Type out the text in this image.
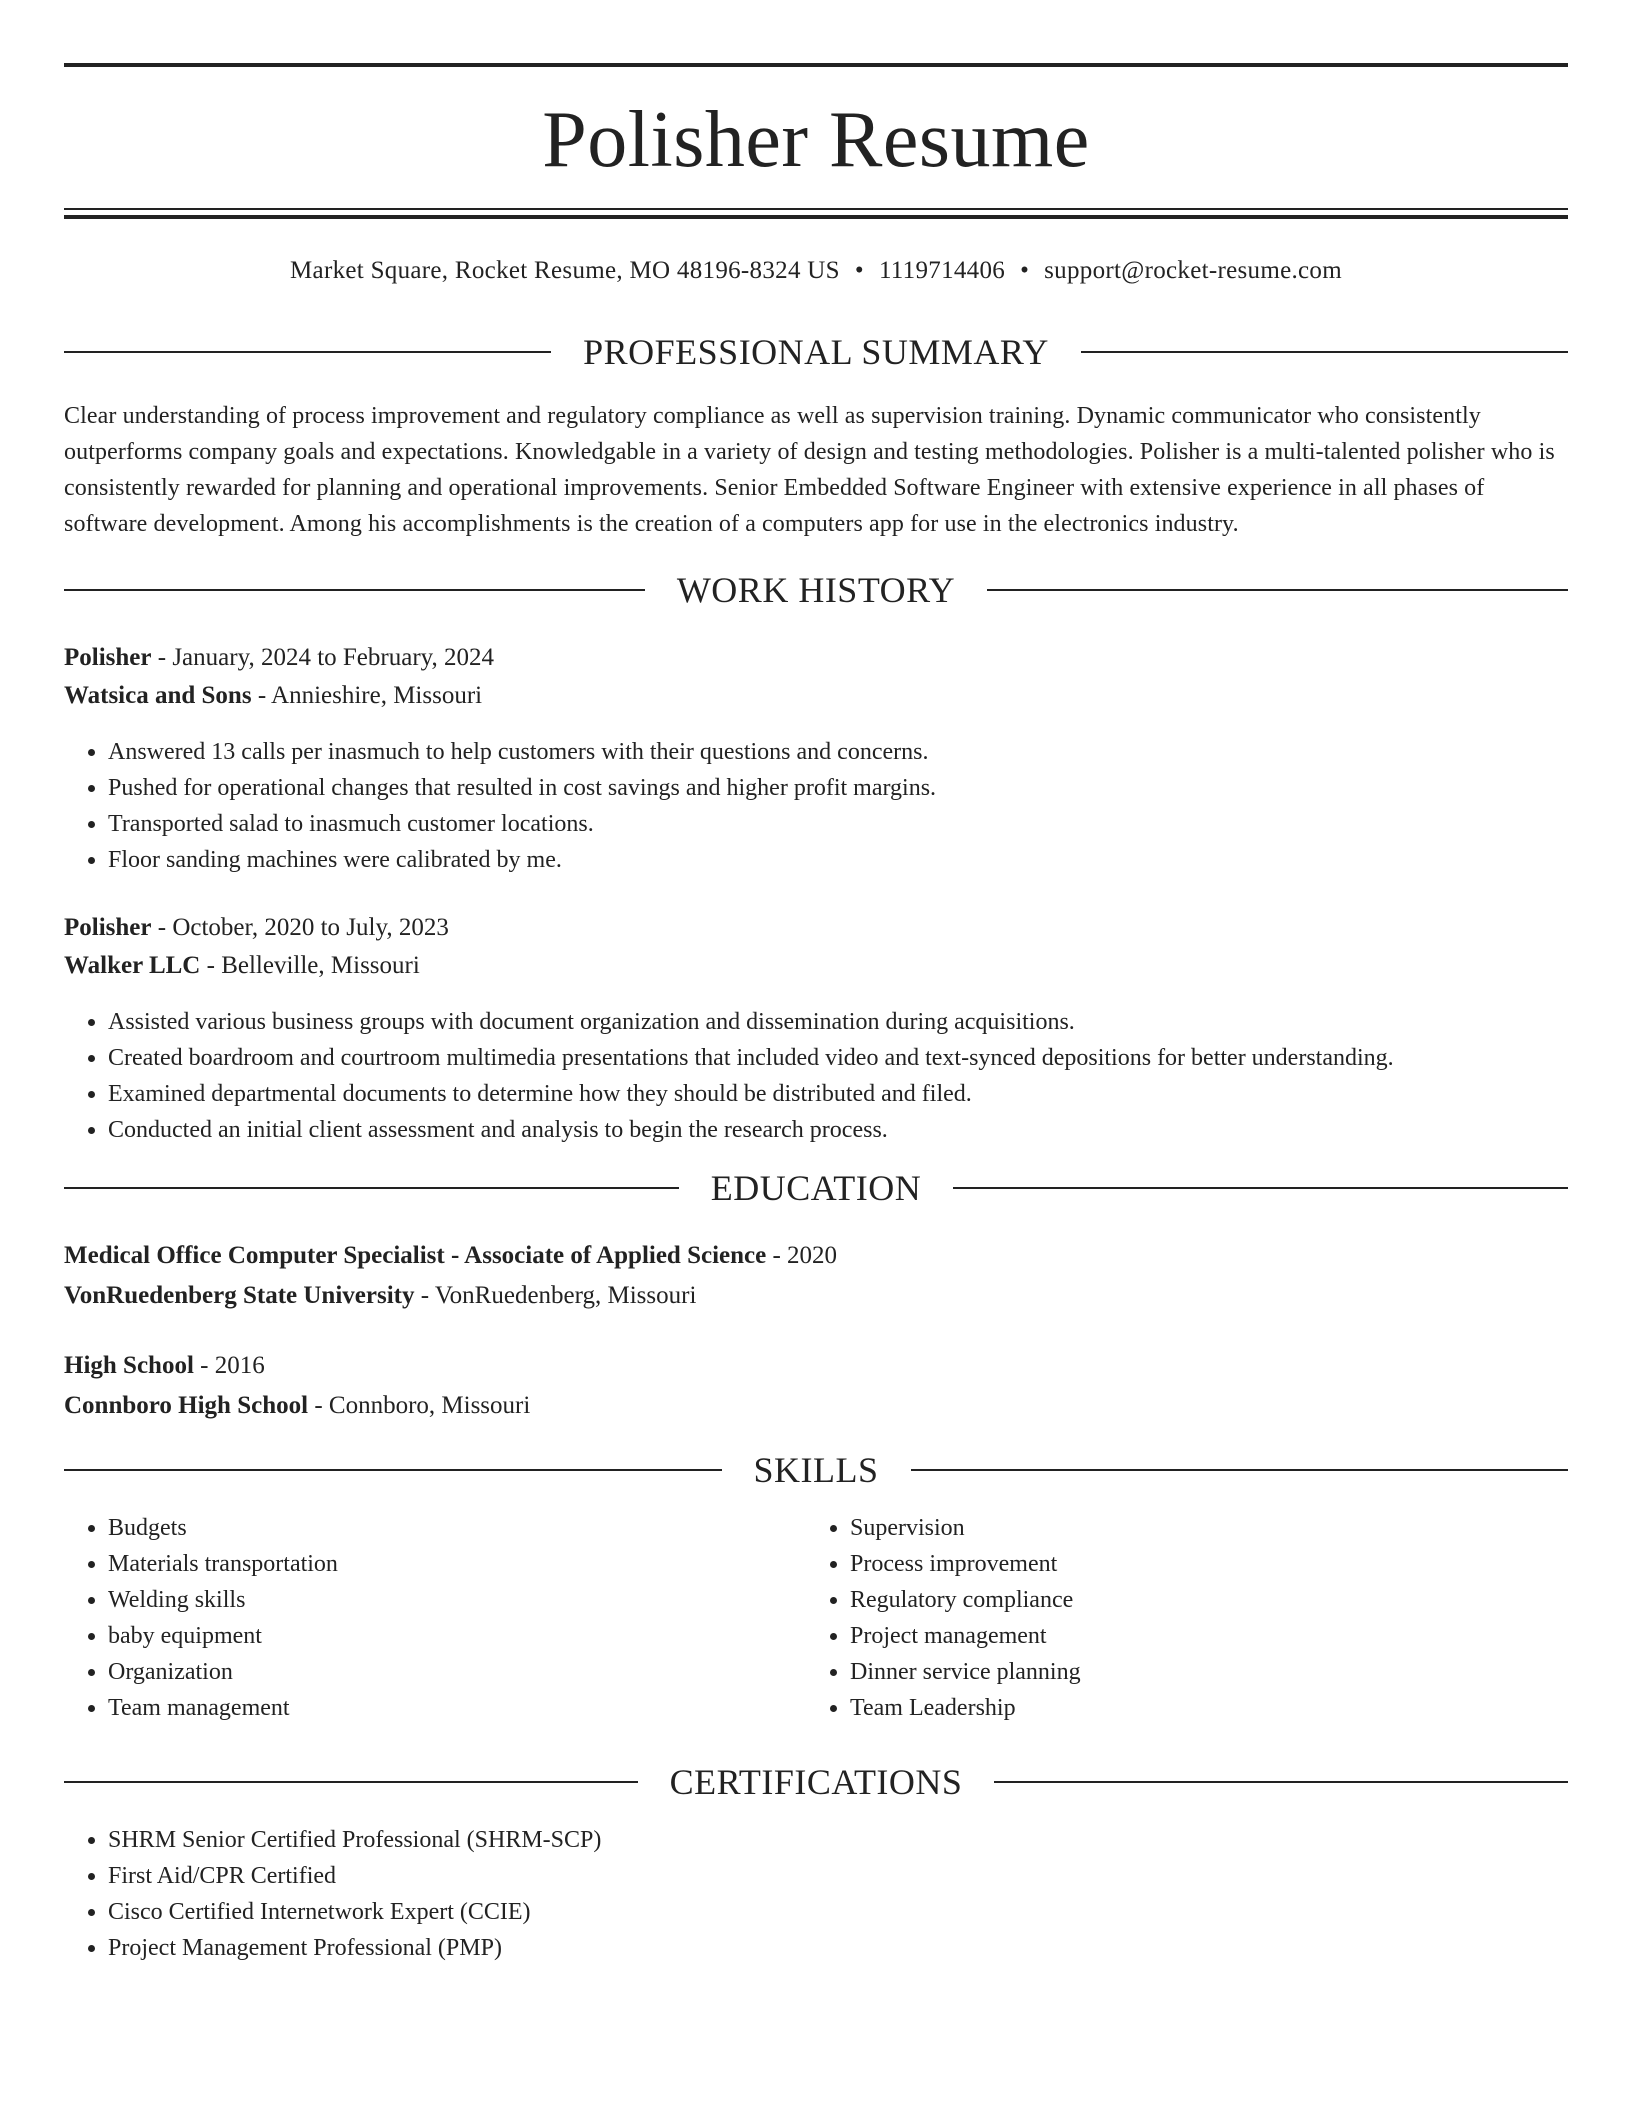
Polisher Resume
Market Square, Rocket Resume, MO 48196-8324 US • 1119714406 • support@rocket-resume.com
PROFESSIONAL SUMMARY

Clear understanding of process improvement and regulatory compliance as well as supervision training. Dynamic communicator who consistently outperforms company goals and expectations. Knowledgable in a variety of design and testing methodologies. Polisher is a multi-talented polisher who is consistently rewarded for planning and operational improvements. Senior Embedded Software Engineer with extensive experience in all phases of software development. Among his accomplishments is the creation of a computers app for use in the electronics industry.

WORK HISTORY
Polisher - January, 2024 to February, 2024
Watsica and Sons - Annieshire, Missouri
• Answered 13 calls per inasmuch to help customers with their questions and concerns.
• Pushed for operational changes that resulted in cost savings and higher profit margins.
• Transported salad to inasmuch customer locations.
• Floor sanding machines were calibrated by me.
Polisher - October, 2020 to July, 2023
Walker LLC - Belleville, Missouri
• Assisted various business groups with document organization and dissemination during acquisitions.
• Created boardroom and courtroom multimedia presentations that included video and text-synced depositions for better understanding.
• Examined departmental documents to determine how they should be distributed and filed.
• Conducted an initial client assessment and analysis to begin the research process.
EDUCATION
Medical Office Computer Specialist - Associate of Applied Science - 2020
VonRuedenberg State University - VonRuedenberg, Missouri
High School - 2016
Connboro High School - Connboro, Missouri
SKILLS
• Budgets
• Materials transportation
• Welding skills
• baby equipment
• Organization
• Team management
• Supervision
• Process improvement
• Regulatory compliance
• Project management
• Dinner service planning
• Team Leadership
CERTIFICATIONS
• SHRM Senior Certified Professional (SHRM-SCP)
• First Aid/CPR Certified
• Cisco Certified Internetwork Expert (CCIE)
• Project Management Professional (PMP)
